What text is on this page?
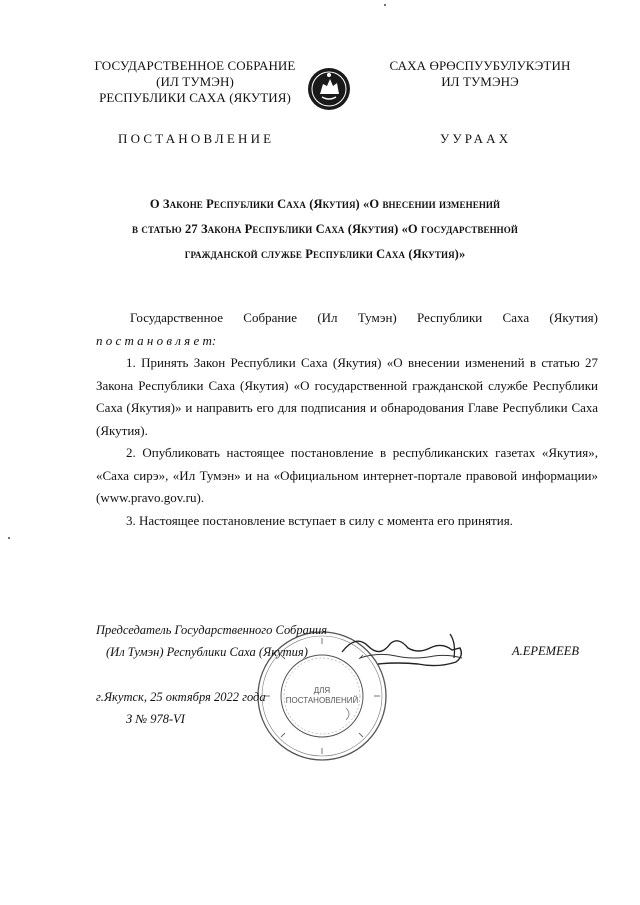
ГОСУДАРСТВЕННОЕ СОБРАНИЕ
(ИЛ ТУМЭН)
РЕСПУБЛИКИ САХА (ЯКУТИЯ)
САХА ӨРӨСПУУБУЛУКЭТИН
ИЛ ТУМЭНЭ
ПОСТАНОВЛЕНИЕ	УУРААХ
О Законе Республики Саха (Якутия) «О внесении изменений
в статью 27 Закона Республики Саха (Якутия) «О государственной
гражданской службе Республики Саха (Якутия)»

Государственное Собрание (Ил Тумэн) Республики Саха (Якутия)

п о с т а н о в л я е т:

1. Принять Закон Республики Саха (Якутия) «О внесении изменений в статью 27 Закона Республики Саха (Якутия) «О государственной гражданской службе Республики Саха (Якутия)» и направить его для подписания и обнародования Главе Республики Саха (Якутия).

2. Опубликовать настоящее постановление в республиканских газетах «Якутия», «Саха сирэ», «Ил Тумэн» и на «Официальном интернет-портале правовой информации» (www.pravo.gov.ru).

3. Настоящее постановление вступает в силу с момента его принятия.

ДЛЯ
ПОСТАНОВЛЕНИЙ
Председатель Государственного Собрания
(Ил Тумэн) Республики Саха (Якутия)	А.ЕРЕМЕЕВ
г.Якутск, 25 октября 2022 года
З № 978-VI
